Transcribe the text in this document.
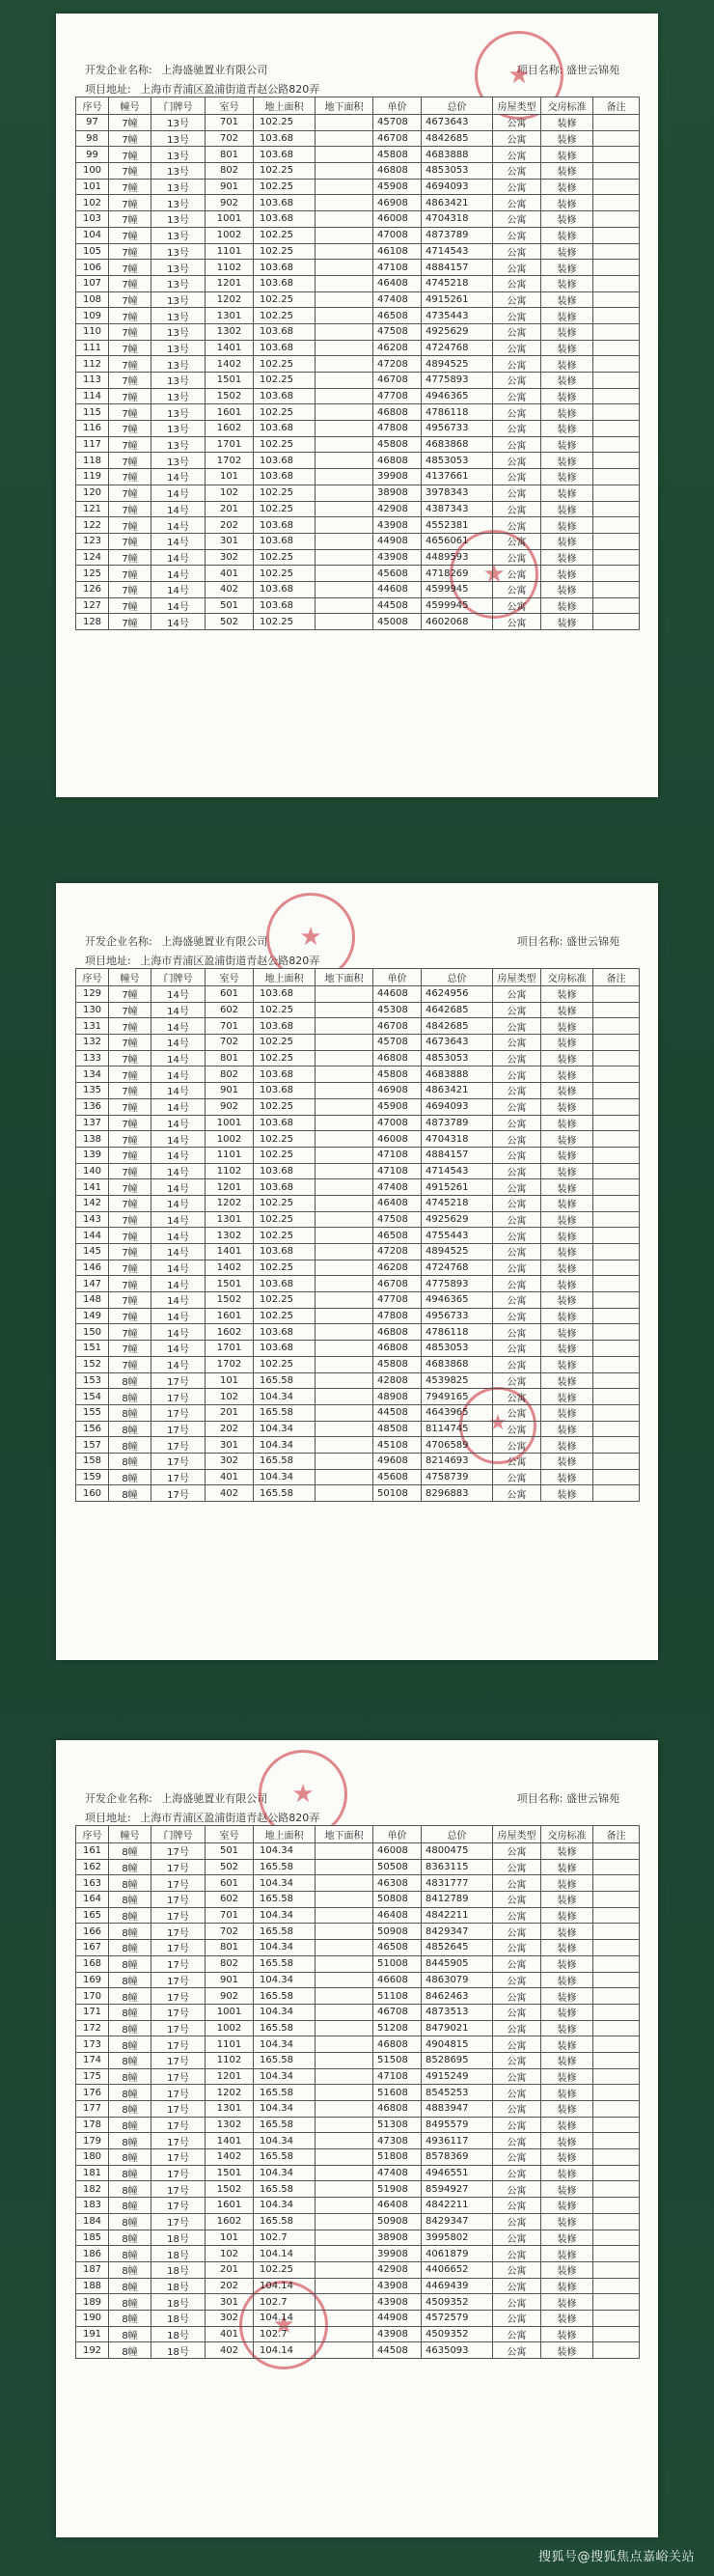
开发企业名称: 上海盛驰置业有限公司	项目名称: 盛世云锦苑
项目地址: 上海市青浦区盈浦街道青赵公路820弄
★
★
序号	幢号	门牌号	室号	地上面积	地下面积	单价	总价	房屋类型	交房标准	备注
97	7幢	13号	701	102.25		45708	4673643	公寓	装修	
98	7幢	13号	702	103.68		46708	4842685	公寓	装修	
99	7幢	13号	801	103.68		45808	4683888	公寓	装修	
100	7幢	13号	802	102.25		46808	4853053	公寓	装修	
101	7幢	13号	901	102.25		45908	4694093	公寓	装修	
102	7幢	13号	902	103.68		46908	4863421	公寓	装修	
103	7幢	13号	1001	103.68		46008	4704318	公寓	装修	
104	7幢	13号	1002	102.25		47008	4873789	公寓	装修	
105	7幢	13号	1101	102.25		46108	4714543	公寓	装修	
106	7幢	13号	1102	103.68		47108	4884157	公寓	装修	
107	7幢	13号	1201	103.68		46408	4745218	公寓	装修	
108	7幢	13号	1202	102.25		47408	4915261	公寓	装修	
109	7幢	13号	1301	102.25		46508	4735443	公寓	装修	
110	7幢	13号	1302	103.68		47508	4925629	公寓	装修	
111	7幢	13号	1401	103.68		46208	4724768	公寓	装修	
112	7幢	13号	1402	102.25		47208	4894525	公寓	装修	
113	7幢	13号	1501	102.25		46708	4775893	公寓	装修	
114	7幢	13号	1502	103.68		47708	4946365	公寓	装修	
115	7幢	13号	1601	102.25		46808	4786118	公寓	装修	
116	7幢	13号	1602	103.68		47808	4956733	公寓	装修	
117	7幢	13号	1701	102.25		45808	4683868	公寓	装修	
118	7幢	13号	1702	103.68		46808	4853053	公寓	装修	
119	7幢	14号	101	103.68		39908	4137661	公寓	装修	
120	7幢	14号	102	102.25		38908	3978343	公寓	装修	
121	7幢	14号	201	102.25		42908	4387343	公寓	装修	
122	7幢	14号	202	103.68		43908	4552381	公寓	装修	
123	7幢	14号	301	103.68		44908	4656061	公寓	装修	
124	7幢	14号	302	102.25		43908	4489593	公寓	装修	
125	7幢	14号	401	102.25		45608	4718269	公寓	装修	
126	7幢	14号	402	103.68		44608	4599945	公寓	装修	
127	7幢	14号	501	103.68		44508	4599945	公寓	装修	
128	7幢	14号	502	102.25		45008	4602068	公寓	装修	
开发企业名称: 上海盛驰置业有限公司	项目名称: 盛世云锦苑
项目地址: 上海市青浦区盈浦街道青赵公路820弄
★
★
序号	幢号	门牌号	室号	地上面积	地下面积	单价	总价	房屋类型	交房标准	备注
129	7幢	14号	601	103.68		44608	4624956	公寓	装修	
130	7幢	14号	602	102.25		45308	4642685	公寓	装修	
131	7幢	14号	701	103.68		46708	4842685	公寓	装修	
132	7幢	14号	702	102.25		45708	4673643	公寓	装修	
133	7幢	14号	801	102.25		46808	4853053	公寓	装修	
134	7幢	14号	802	103.68		45808	4683888	公寓	装修	
135	7幢	14号	901	103.68		46908	4863421	公寓	装修	
136	7幢	14号	902	102.25		45908	4694093	公寓	装修	
137	7幢	14号	1001	103.68		47008	4873789	公寓	装修	
138	7幢	14号	1002	102.25		46008	4704318	公寓	装修	
139	7幢	14号	1101	102.25		47108	4884157	公寓	装修	
140	7幢	14号	1102	103.68		47108	4714543	公寓	装修	
141	7幢	14号	1201	103.68		47408	4915261	公寓	装修	
142	7幢	14号	1202	102.25		46408	4745218	公寓	装修	
143	7幢	14号	1301	102.25		47508	4925629	公寓	装修	
144	7幢	14号	1302	102.25		46508	4755443	公寓	装修	
145	7幢	14号	1401	103.68		47208	4894525	公寓	装修	
146	7幢	14号	1402	102.25		46208	4724768	公寓	装修	
147	7幢	14号	1501	103.68		46708	4775893	公寓	装修	
148	7幢	14号	1502	102.25		47708	4946365	公寓	装修	
149	7幢	14号	1601	102.25		47808	4956733	公寓	装修	
150	7幢	14号	1602	103.68		46808	4786118	公寓	装修	
151	7幢	14号	1701	103.68		46808	4853053	公寓	装修	
152	7幢	14号	1702	102.25		45808	4683868	公寓	装修	
153	8幢	17号	101	165.58		42808	4539825	公寓	装修	
154	8幢	17号	102	104.34		48908	7949165	公寓	装修	
155	8幢	17号	201	165.58		44508	4643965	公寓	装修	
156	8幢	17号	202	104.34		48508	8114745	公寓	装修	
157	8幢	17号	301	104.34		45108	4706589	公寓	装修	
158	8幢	17号	302	165.58		49608	8214693	公寓	装修	
159	8幢	17号	401	104.34		45608	4758739	公寓	装修	
160	8幢	17号	402	165.58		50108	8296883	公寓	装修	
开发企业名称: 上海盛驰置业有限公司	项目名称: 盛世云锦苑
项目地址: 上海市青浦区盈浦街道青赵公路820弄
★
★
序号	幢号	门牌号	室号	地上面积	地下面积	单价	总价	房屋类型	交房标准	备注
161	8幢	17号	501	104.34		46008	4800475	公寓	装修	
162	8幢	17号	502	165.58		50508	8363115	公寓	装修	
163	8幢	17号	601	104.34		46308	4831777	公寓	装修	
164	8幢	17号	602	165.58		50808	8412789	公寓	装修	
165	8幢	17号	701	104.34		46408	4842211	公寓	装修	
166	8幢	17号	702	165.58		50908	8429347	公寓	装修	
167	8幢	17号	801	104.34		46508	4852645	公寓	装修	
168	8幢	17号	802	165.58		51008	8445905	公寓	装修	
169	8幢	17号	901	104.34		46608	4863079	公寓	装修	
170	8幢	17号	902	165.58		51108	8462463	公寓	装修	
171	8幢	17号	1001	104.34		46708	4873513	公寓	装修	
172	8幢	17号	1002	165.58		51208	8479021	公寓	装修	
173	8幢	17号	1101	104.34		46808	4904815	公寓	装修	
174	8幢	17号	1102	165.58		51508	8528695	公寓	装修	
175	8幢	17号	1201	104.34		47108	4915249	公寓	装修	
176	8幢	17号	1202	165.58		51608	8545253	公寓	装修	
177	8幢	17号	1301	104.34		46808	4883947	公寓	装修	
178	8幢	17号	1302	165.58		51308	8495579	公寓	装修	
179	8幢	17号	1401	104.34		47308	4936117	公寓	装修	
180	8幢	17号	1402	165.58		51808	8578369	公寓	装修	
181	8幢	17号	1501	104.34		47408	4946551	公寓	装修	
182	8幢	17号	1502	165.58		51908	8594927	公寓	装修	
183	8幢	17号	1601	104.34		46408	4842211	公寓	装修	
184	8幢	17号	1602	165.58		50908	8429347	公寓	装修	
185	8幢	18号	101	102.7		38908	3995802	公寓	装修	
186	8幢	18号	102	104.14		39908	4061879	公寓	装修	
187	8幢	18号	201	102.25		42908	4406652	公寓	装修	
188	8幢	18号	202	104.14		43908	4469439	公寓	装修	
189	8幢	18号	301	102.7		43908	4509352	公寓	装修	
190	8幢	18号	302	104.14		44908	4572579	公寓	装修	
191	8幢	18号	401	102.7		43908	4509352	公寓	装修	
192	8幢	18号	402	104.14		44508	4635093	公寓	装修	
搜狐号@搜狐焦点嘉峪关站
